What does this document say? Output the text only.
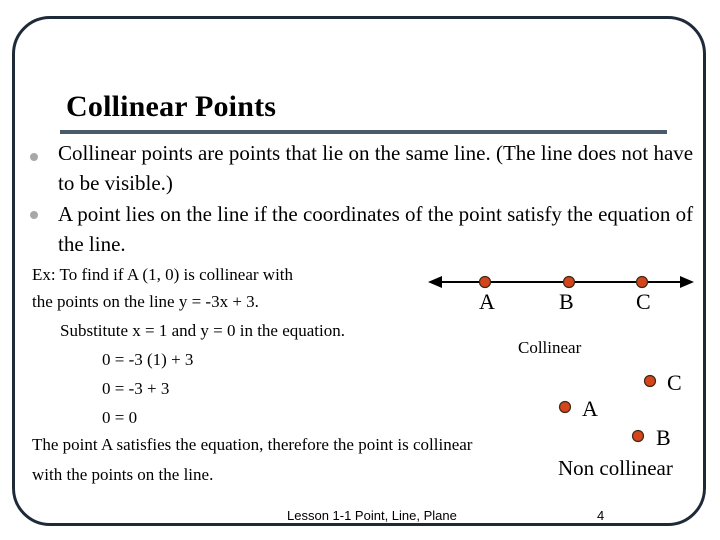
Collinear Points
Collinear points are points that lie on the same line. (The line does not have to be visible.)
A point lies on the line if the coordinates of the point satisfy the equation of the line.
Ex: To find if A (1, 0) is collinear with
the points on the line y = -3x + 3.
Substitute x = 1 and y = 0 in the equation.
0 = -3 (1) + 3
0 = -3 + 3
0 = 0
The point A satisfies the equation, therefore the point is collinear
with the points on the line.
A	B	C
Collinear
C
A
B
Non collinear
Lesson 1-1 Point, Line, Plane	4
